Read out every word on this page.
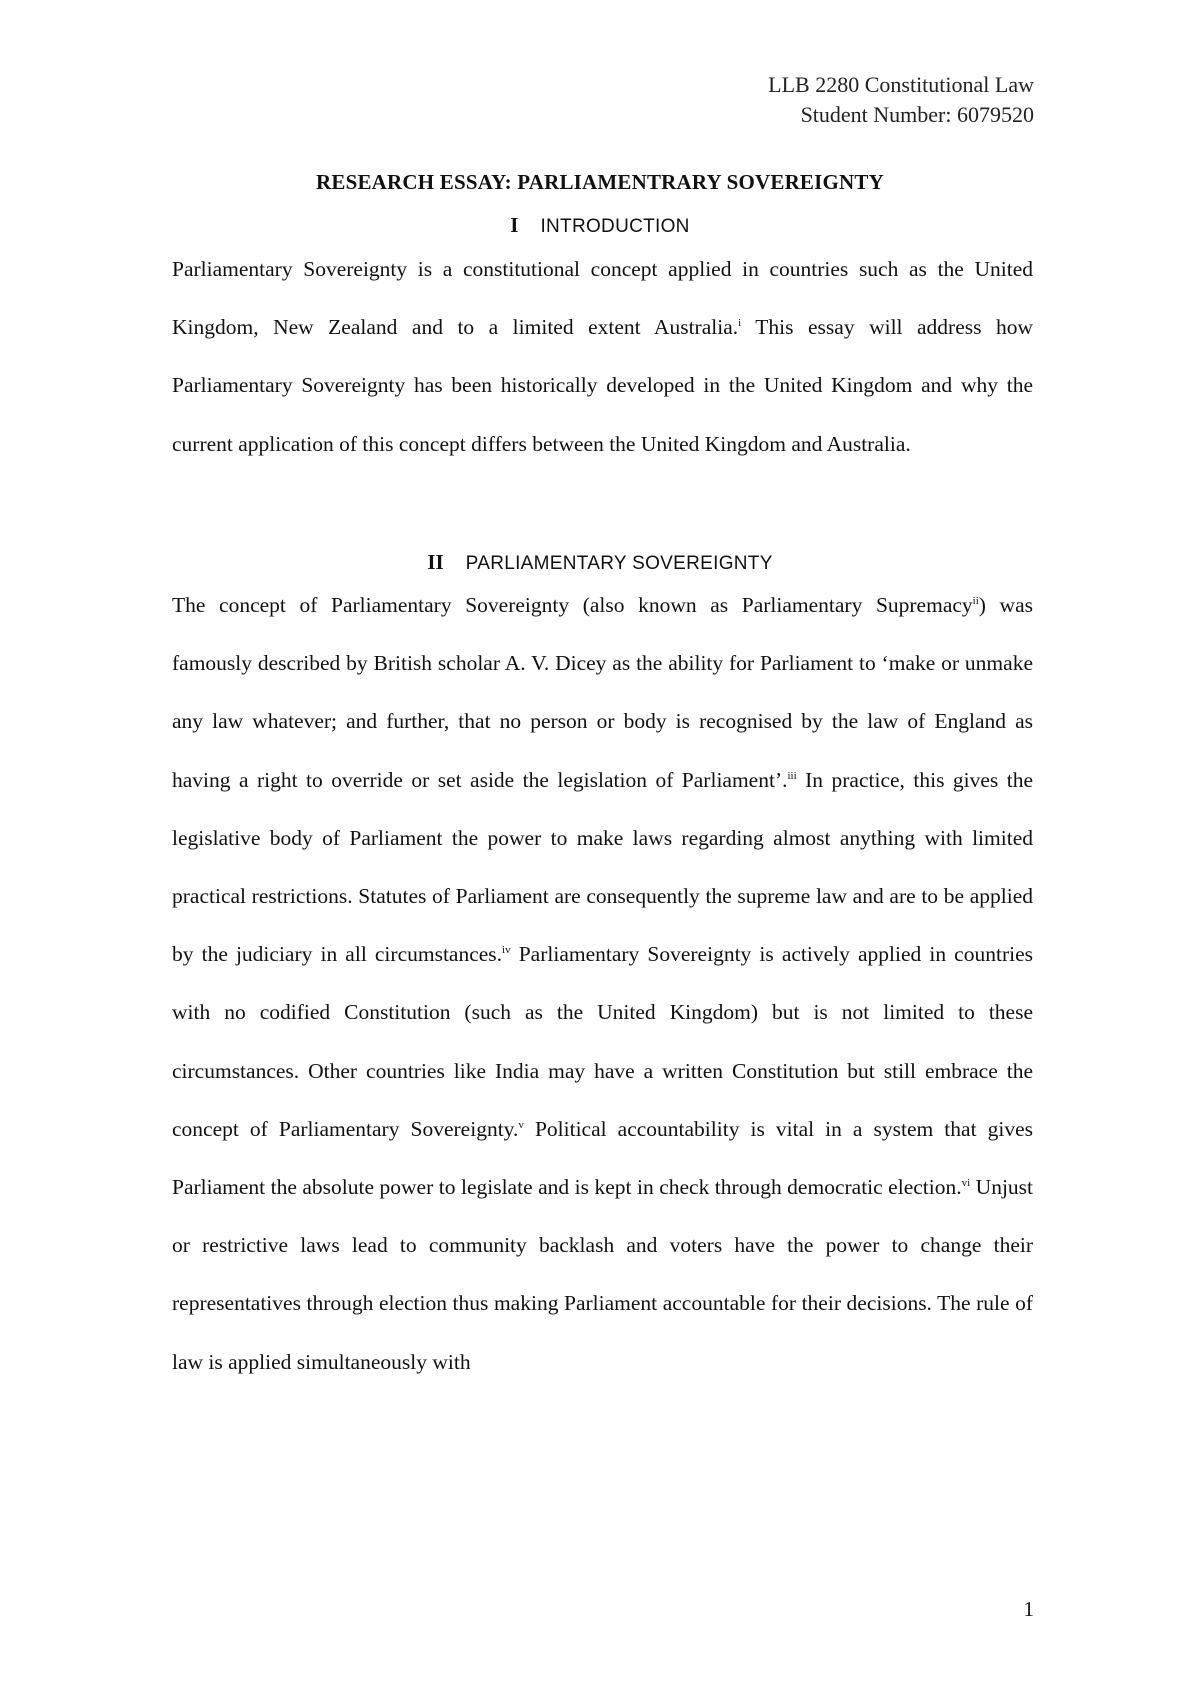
LLB 2280 Constitutional Law
Student Number: 6079520
RESEARCH ESSAY: PARLIAMENTRARY SOVEREIGNTY
I INTRODUCTION

Parliamentary Sovereignty is a constitutional concept applied in countries such as the United Kingdom, New Zealand and to a limited extent Australia.$^i$ This essay will address how Parliamentary Sovereignty has been historically developed in the United Kingdom and why the current application of this concept differs between the United Kingdom and Australia.

II PARLIAMENTARY SOVEREIGNTY

The concept of Parliamentary Sovereignty (also known as Parliamentary Supremacy$^{ii}$) was famously described by British scholar A. V. Dicey as the ability for Parliament to ‘make or unmake any law whatever; and further, that no person or body is recognised by the law of England as having a right to override or set aside the legislation of Parliament’.$^{iii}$ In practice, this gives the legislative body of Parliament the power to make laws regarding almost anything with limited practical restrictions. Statutes of Parliament are consequently the supreme law and are to be applied by the judiciary in all circumstances.$^{iv}$ Parliamentary Sovereignty is actively applied in countries with no codified Constitution (such as the United Kingdom) but is not limited to these circumstances. Other countries like India may have a written Constitution but still embrace the concept of Parliamentary Sovereignty.$^v$ Political accountability is vital in a system that gives Parliament the absolute power to legislate and is kept in check through democratic election.$^{vi}$ Unjust or restrictive laws lead to community backlash and voters have the power to change their representatives through election thus making Parliament accountable for their decisions. The rule of law is applied simultaneously with

1
